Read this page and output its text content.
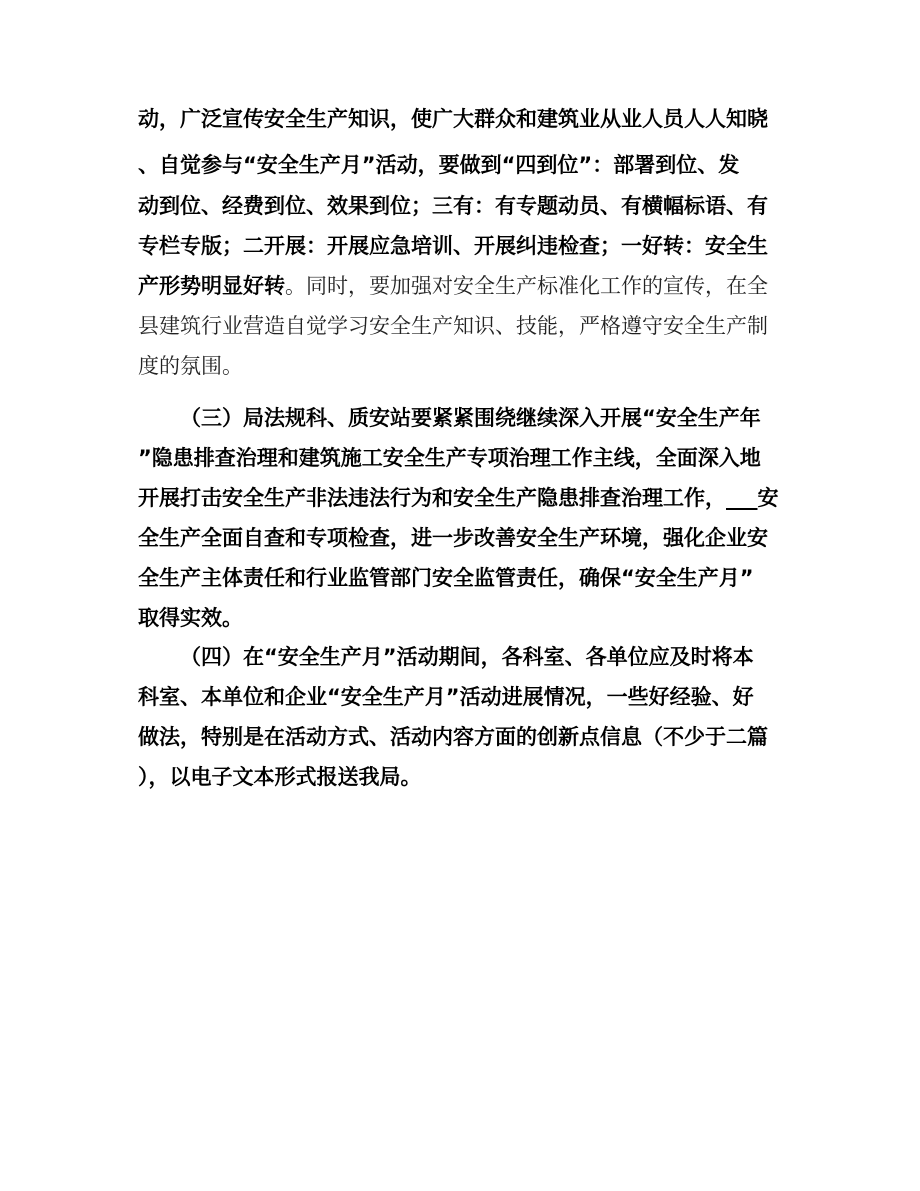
动，广泛宣传安全生产知识，使广大群众和建筑业从业人员人人知晓
、自觉参与“安全生产月”活动，要做到“四到位”：部署到位、发
动到位、经费到位、效果到位；三有：有专题动员、有横幅标语、有
专栏专版；二开展：开展应急培训、开展纠违检查；一好转：安全生
产形势明显好转。同时，要加强对安全生产标准化工作的宣传，在全
县建筑行业营造自觉学习安全生产知识、技能，严格遵守安全生产制
度的氛围。
（三）局法规科、质安站要紧紧围绕继续深入开展“安全生产年
”隐患排查治理和建筑施工安全生产专项治理工作主线，全面深入地
开展打击安全生产非法违法行为和安全生产隐患排查治理工作，___安
全生产全面自查和专项检查，进一步改善安全生产环境，强化企业安
全生产主体责任和行业监管部门安全监管责任，确保“安全生产月”
取得实效。
（四）在“安全生产月”活动期间，各科室、各单位应及时将本
科室、本单位和企业“安全生产月”活动进展情况，一些好经验、好
做法，特别是在活动方式、活动内容方面的创新点信息（不少于二篇
），以电子文本形式报送我局。
